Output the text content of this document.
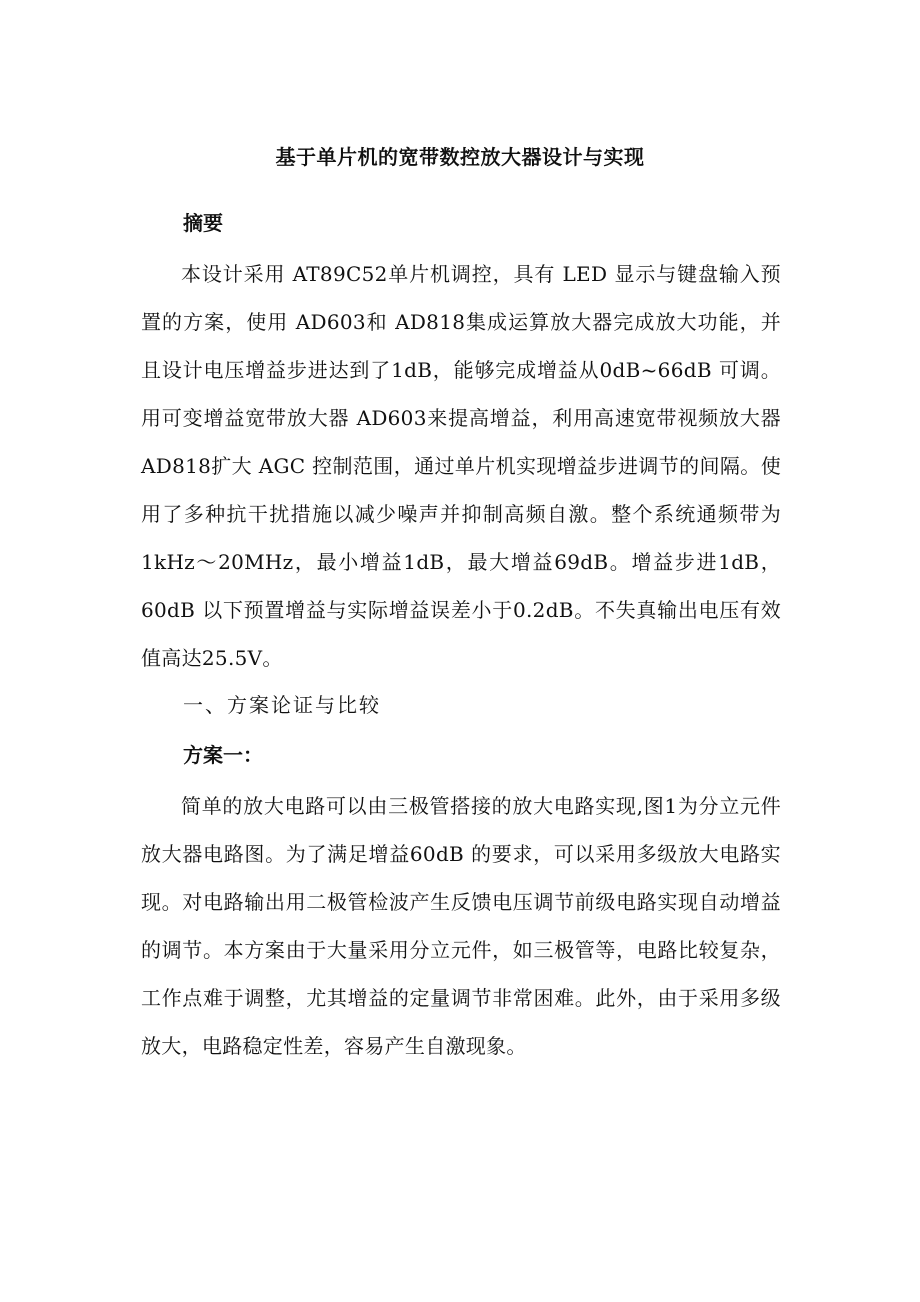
基于单片机的宽带数控放大器设计与实现
摘要

本设计采用 AT89C52单片机调控，具有 LED 显示与键盘输入预置的方案，使用 AD603和 AD818集成运算放大器完成放大功能，并且设计电压增益步进达到了1dB，能够完成增益从0dB~66dB 可调。用可变增益宽带放大器 AD603来提高增益，利用高速宽带视频放大器 AD818扩大 AGC 控制范围，通过单片机实现增益步进调节的间隔。使用了多种抗干扰措施以减少噪声并抑制高频自激。整个系统通频带为1kHz～20MHz，最小增益1dB，最大增益69dB。增益步进1dB，60dB 以下预置增益与实际增益误差小于0.2dB。不失真输出电压有效值高达25.5V。

一、方案论证与比较
方案一：

简单的放大电路可以由三极管搭接的放大电路实现,图1为分立元件放大器电路图。为了满足增益60dB 的要求，可以采用多级放大电路实现。对电路输出用二极管检波产生反馈电压调节前级电路实现自动增益的调节。本方案由于大量采用分立元件，如三极管等，电路比较复杂，工作点难于调整，尤其增益的定量调节非常困难。此外，由于采用多级放大，电路稳定性差，容易产生自激现象。
